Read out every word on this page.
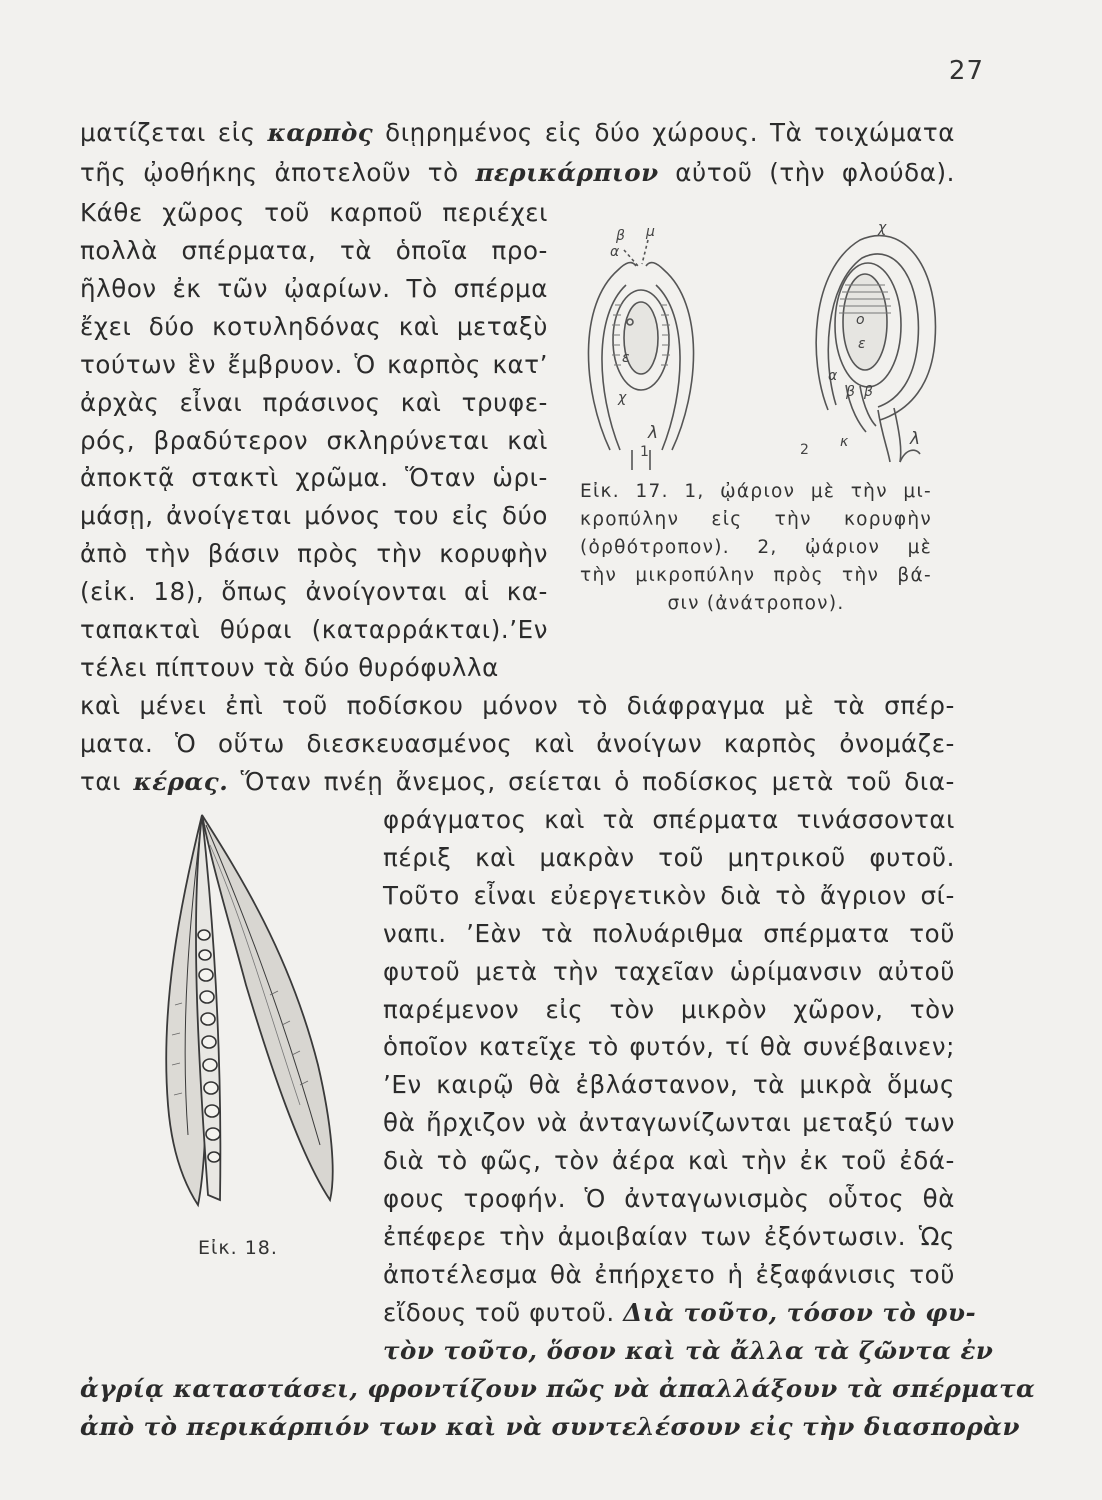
27
ματίζεται εἰς καρπὸς διῃρημένος εἰς δύο χώρους. Τὰ τοιχώματα
τῆς ᾠοθήκης ἀποτελοῦν τὸ περικάρπιον αὐτοῦ (τὴν φλούδα).
Κάθε χῶρος τοῦ καρποῦ περιέχει
πολλὰ σπέρματα, τὰ ὁποῖα προ-
ῆλθον ἐκ τῶν ᾠαρίων. Τὸ σπέρμα
ἔχει δύο κοτυληδόνας καὶ μεταξὺ
τούτων ἓν ἔμβρυον. Ὁ καρπὸς κατ’
ἀρχὰς εἶναι πράσινος καὶ τρυφε-
ρός, βραδύτερον σκληρύνεται καὶ
ἀποκτᾷ στακτὶ χρῶμα. Ὅταν ὡρι-
μάσῃ, ἀνοίγεται μόνος του εἰς δύο
ἀπὸ τὴν βάσιν πρὸς τὴν κορυφὴν
(εἰκ. 18), ὅπως ἀνοίγονται αἱ κα-
ταπακταὶ θύραι (καταρράκται).’Εν
τέλει πίπτουν τὰ δύο θυρόφυλλα
καὶ μένει ἐπὶ τοῦ ποδίσκου μόνον τὸ διάφραγμα μὲ τὰ σπέρ-
ματα. Ὁ οὕτω διεσκευασμένος καὶ ἀνοίγων καρπὸς ὀνομάζε-
ται κέρας. Ὅταν πνέῃ ἄνεμος, σείεται ὁ ποδίσκος μετὰ τοῦ δια-
φράγματος καὶ τὰ σπέρματα τινάσσονται
πέριξ καὶ μακρὰν τοῦ μητρικοῦ φυτοῦ.
Τοῦτο εἶναι εὐεργετικὸν διὰ τὸ ἄγριον σί-
ναπι. ’Εὰν τὰ πολυάριθμα σπέρματα τοῦ
φυτοῦ μετὰ τὴν ταχεῖαν ὡρίμανσιν αὐτοῦ
παρέμενον εἰς τὸν μικρὸν χῶρον, τὸν
ὁποῖον κατεῖχε τὸ φυτόν, τί θὰ συνέβαινεν;
’Εν καιρῷ θὰ ἐβλάστανον, τὰ μικρὰ ὅμως
θὰ ἤρχιζον νὰ ἀνταγωνίζωνται μεταξύ των
διὰ τὸ φῶς, τὸν ἀέρα καὶ τὴν ἐκ τοῦ ἐδά-
φους τροφήν. Ὁ ἀνταγωνισμὸς οὗτος θὰ
ἐπέφερε τὴν ἀμοιβαίαν των ἐξόντωσιν. Ὡς
ἀποτέλεσμα θὰ ἐπήρχετο ἡ ἐξαφάνισις τοῦ
εἴδους τοῦ φυτοῦ. Διὰ τοῦτο, τόσον τὸ φυ-
τὸν τοῦτο, ὅσον καὶ τὰ ἄλλα τὰ ζῶντα ἐν
ἀγρίᾳ καταστάσει, φροντίζουν πῶς νὰ ἀπαλλάξουν τὰ σπέρματα
ἀπὸ τὸ περικάρπιόν των καὶ νὰ συντελέσουν εἰς τὴν διασπορὰν
β
α
μ
χ
ε
λ
1
χ
ο
ε
α
β β
2 κ	λ
Εἰκ. 17. 1, ᾠάριον μὲ τὴν μι-
κροπύλην εἰς τὴν κορυφὴν
(ὀρθότροπον). 2, ᾠάριον μὲ
τὴν μικροπύλην πρὸς τὴν βά-
σιν (ἀνάτροπον).
Εἰκ. 18.
